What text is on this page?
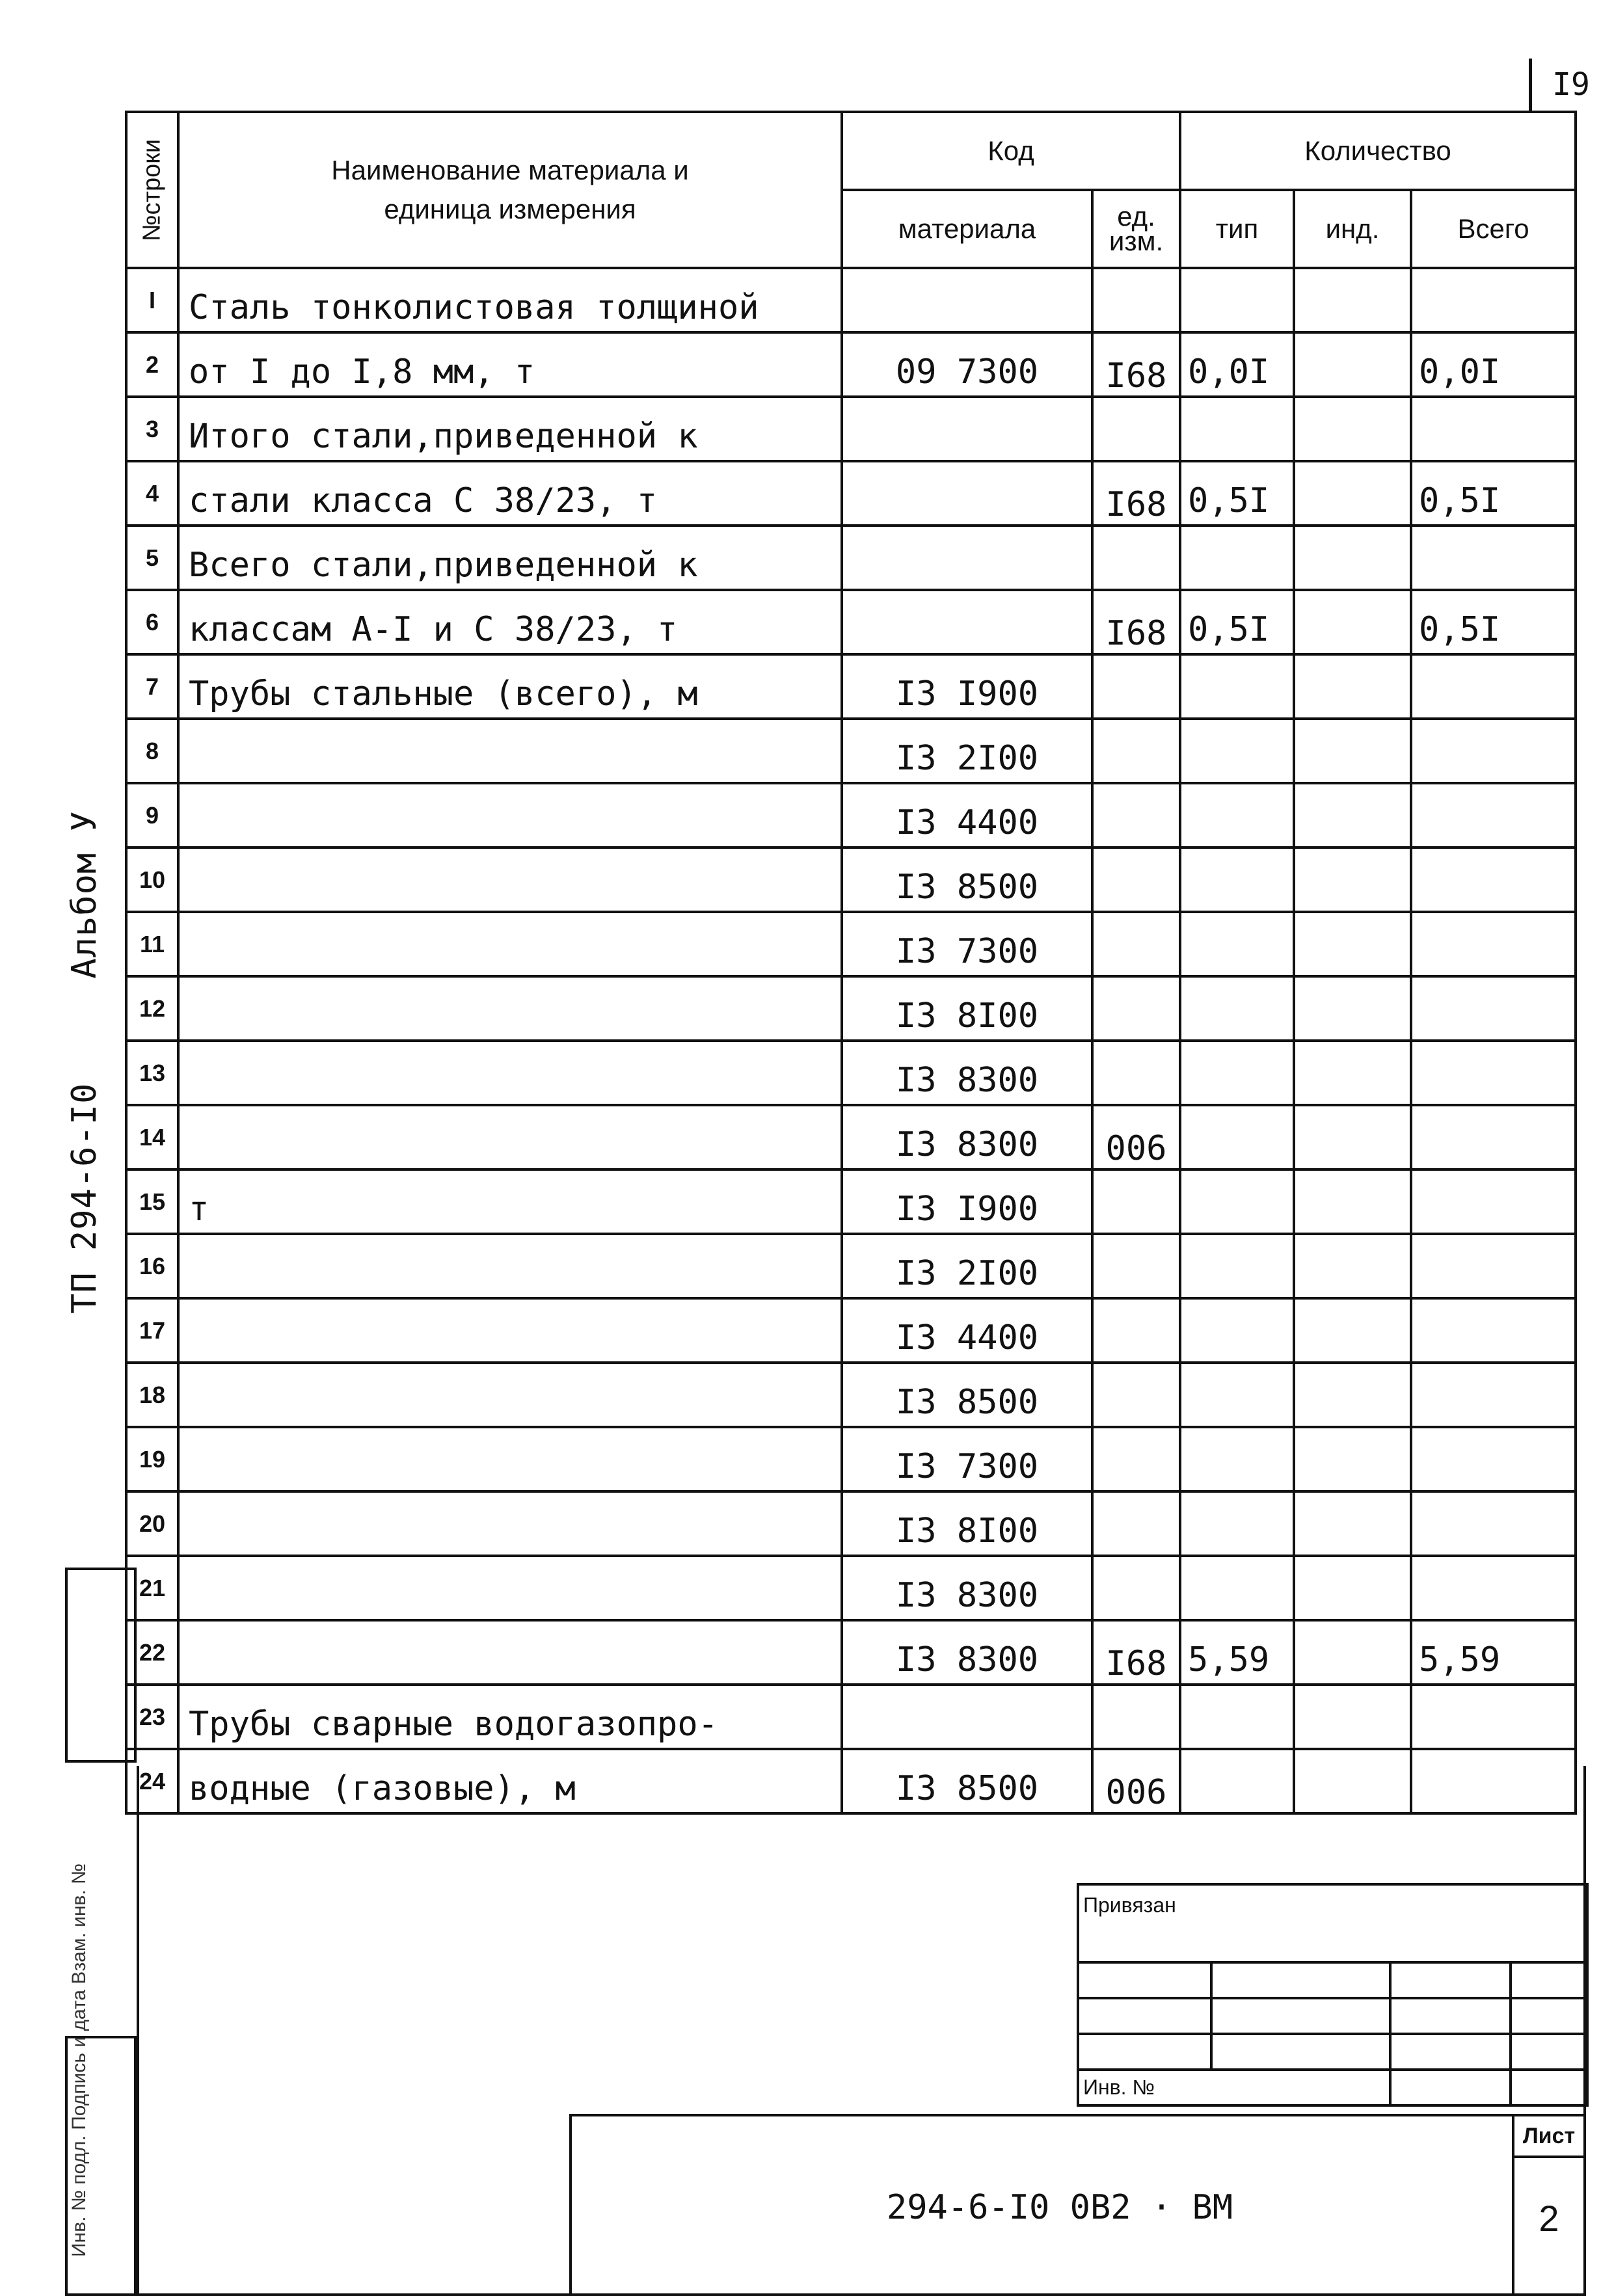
I9
ТП 294-6-I0Альбом У
Инв. № подл. Подпись и дата Взам. инв. №
№строки	Наименование материала и единица измерения	Код		Количество		
		материала	ед. изм.	тип	инд.	Всего
I	Сталь тонколистовая толщиной					
2	от I до I,8 мм, т	09 7300	I68	0,0I		0,0I
3	Итого стали,приведенной к					
4	стали класса С 38/23, т		I68	0,5I		0,5I
5	Всего стали,приведенной к					
6	классам А-I и С 38/23, т		I68	0,5I		0,5I
7	Трубы стальные (всего), м	I3 I900				
8		I3 2I00				
9		I3 4400				
10		I3 8500				
11		I3 7300				
12		I3 8I00				
13		I3 8300				
14		I3 8300	006			
15	т	I3 I900				
16		I3 2I00				
17		I3 4400				
18		I3 8500				
19		I3 7300				
20		I3 8I00				
21		I3 8300				
22		I3 8300	I68	5,59		5,59
23	Трубы сварные водогазопро-					
24	водные (газовые), м	I3 8500	006			
Привязан			

Инв. №			
294-6-I0 0В2 · ВМ
Лист
2
